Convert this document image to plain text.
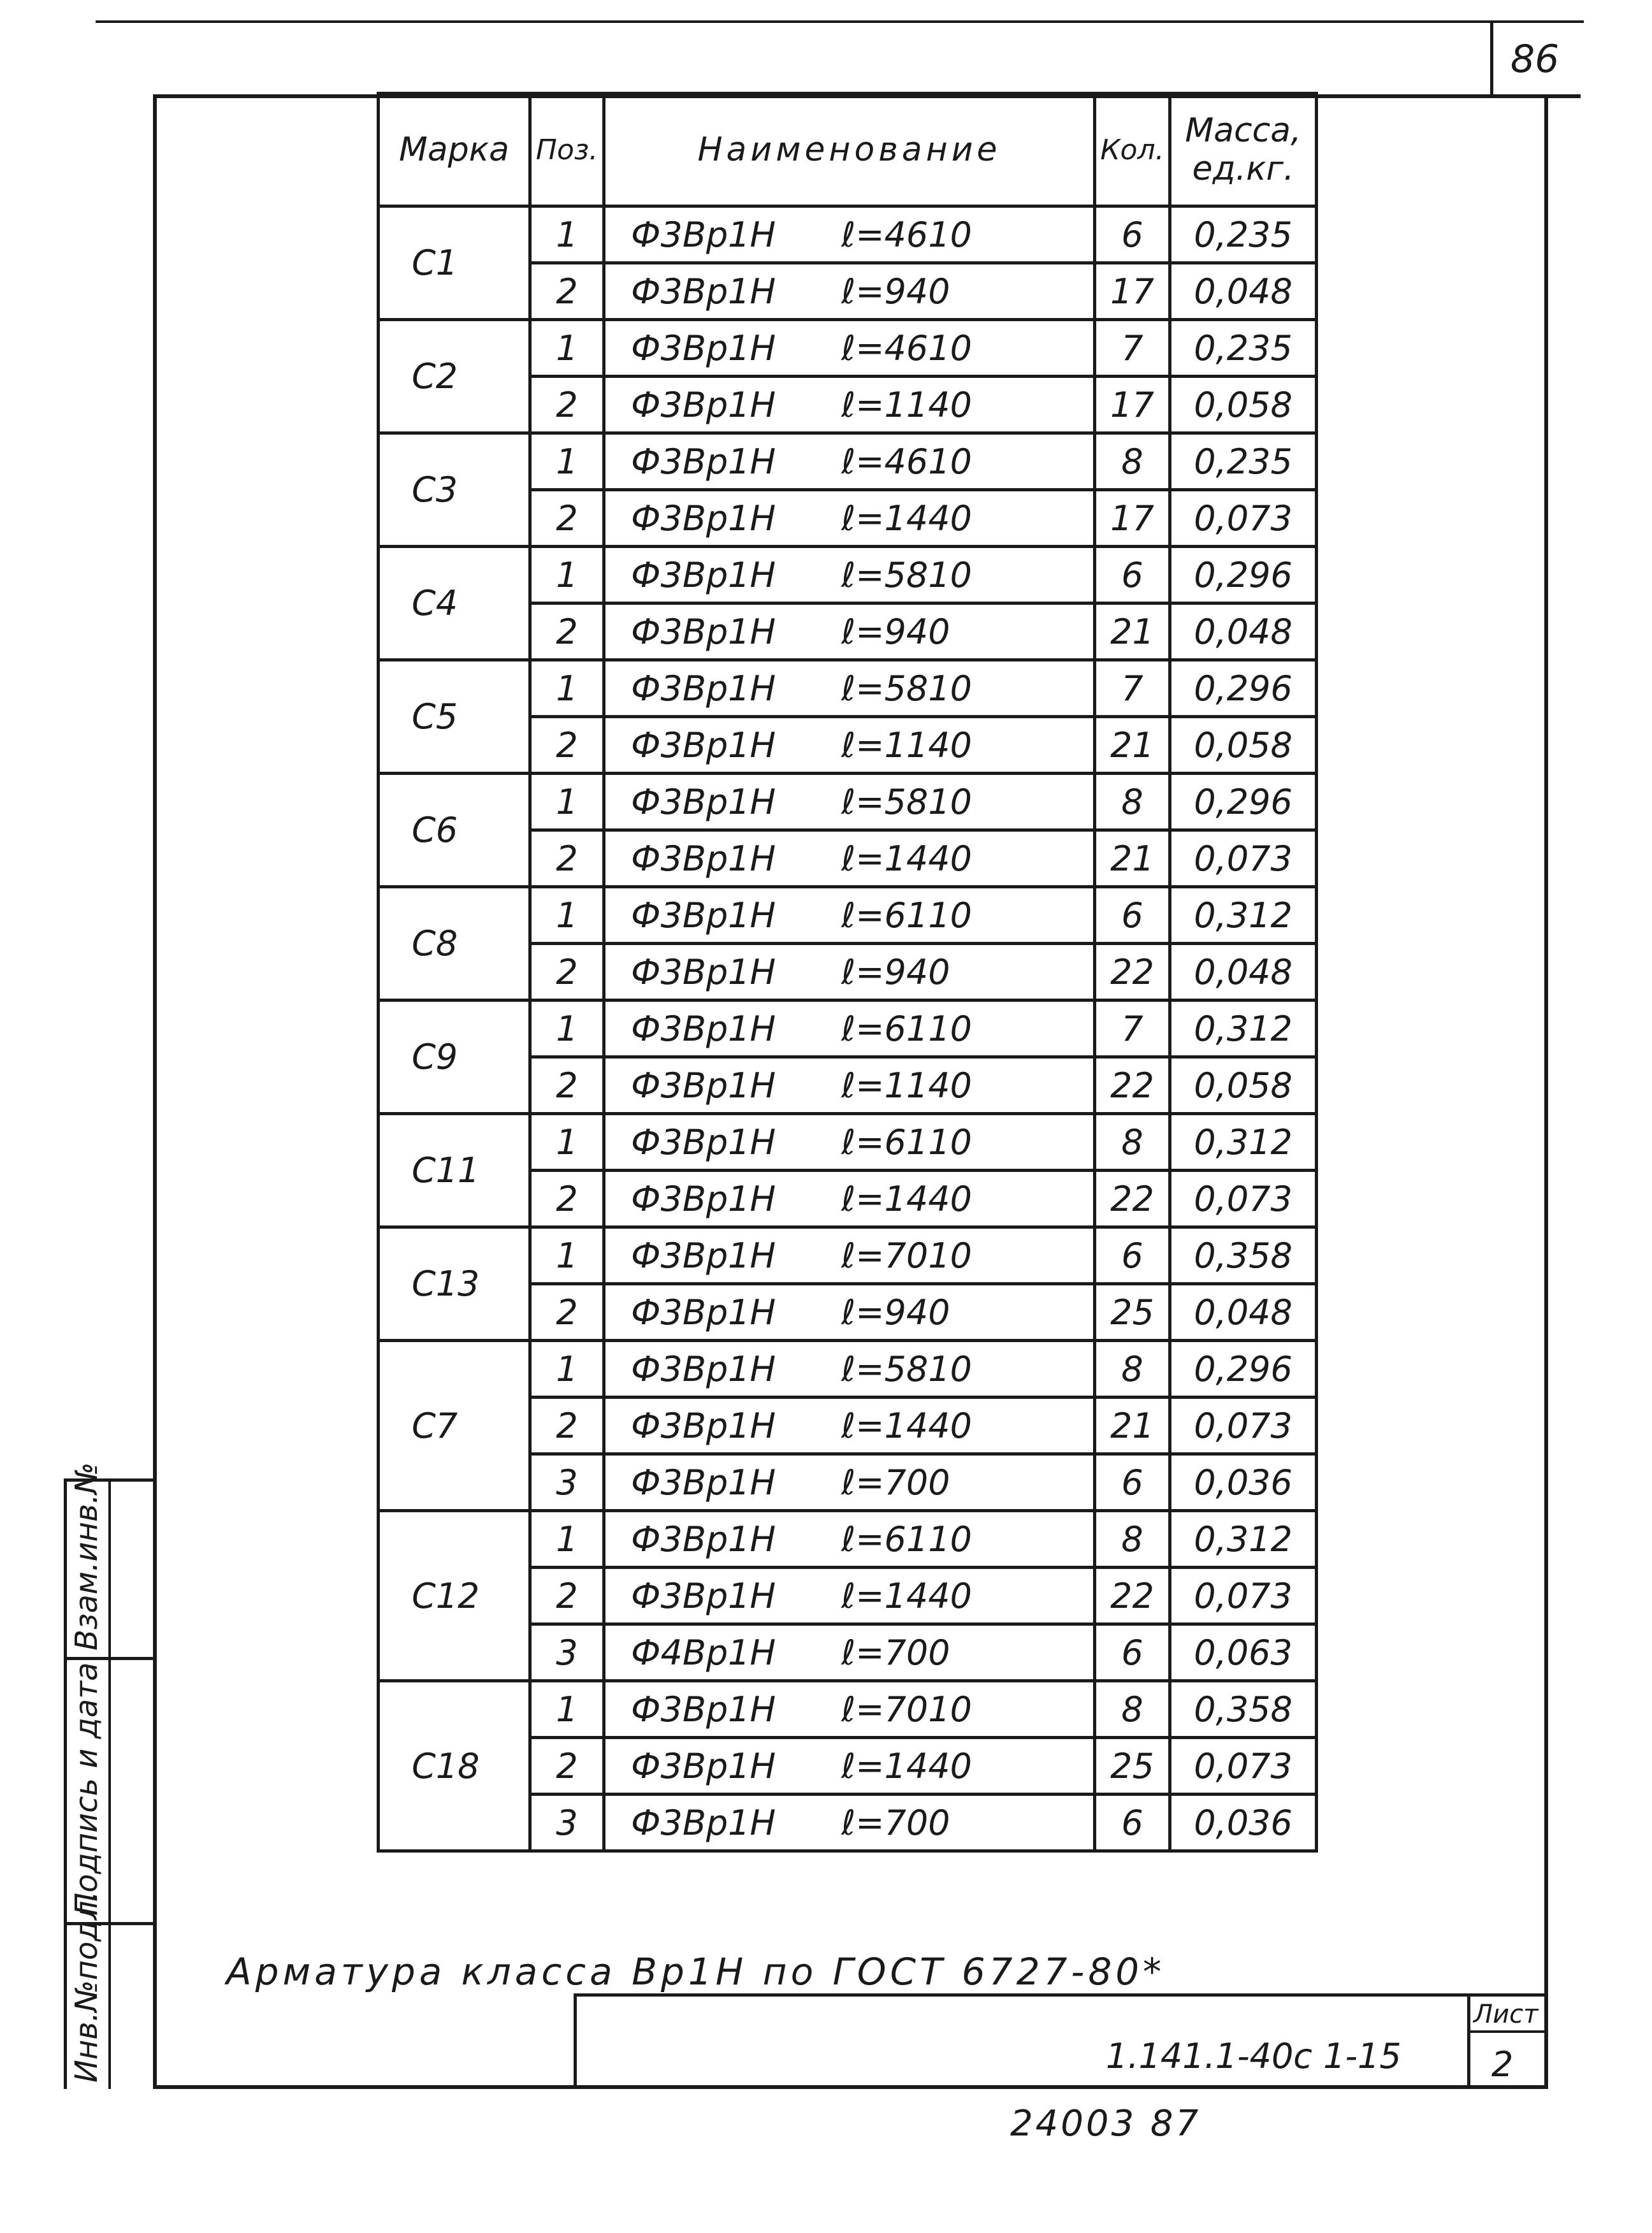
86
Взам.инв.№
Подпись и дата
Инв.№подл.
Марка	Поз.	Наименование	Кол.	Масса,
ед.кг.
С1	1	Ф3Вр1Н ℓ=4610	6	0,235
	2	Ф3Вр1Н ℓ=940	17	0,048
С2	1	Ф3Вр1Н ℓ=4610	7	0,235
	2	Ф3Вр1Н ℓ=1140	17	0,058
С3	1	Ф3Вр1Н ℓ=4610	8	0,235
	2	Ф3Вр1Н ℓ=1440	17	0,073
С4	1	Ф3Вр1Н ℓ=5810	6	0,296
	2	Ф3Вр1Н ℓ=940	21	0,048
С5	1	Ф3Вр1Н ℓ=5810	7	0,296
	2	Ф3Вр1Н ℓ=1140	21	0,058
С6	1	Ф3Вр1Н ℓ=5810	8	0,296
	2	Ф3Вр1Н ℓ=1440	21	0,073
С8	1	Ф3Вр1Н ℓ=6110	6	0,312
	2	Ф3Вр1Н ℓ=940	22	0,048
С9	1	Ф3Вр1Н ℓ=6110	7	0,312
	2	Ф3Вр1Н ℓ=1140	22	0,058
С11	1	Ф3Вр1Н ℓ=6110	8	0,312
	2	Ф3Вр1Н ℓ=1440	22	0,073
С13	1	Ф3Вр1Н ℓ=7010	6	0,358
	2	Ф3Вр1Н ℓ=940	25	0,048
С7	1	Ф3Вр1Н ℓ=5810	8	0,296
	2	Ф3Вр1Н ℓ=1440	21	0,073
	3	Ф3Вр1Н ℓ=700	6	0,036
С12	1	Ф3Вр1Н ℓ=6110	8	0,312
	2	Ф3Вр1Н ℓ=1440	22	0,073
	3	Ф4Вр1Н ℓ=700	6	0,063
С18	1	Ф3Вр1Н ℓ=7010	8	0,358
	2	Ф3Вр1Н ℓ=1440	25	0,073
	3	Ф3Вр1Н ℓ=700	6	0,036
Арматура класса Вр1Н по ГОСТ 6727-80*
1.141.1-40с 1-15
Лист
2
24003 87
